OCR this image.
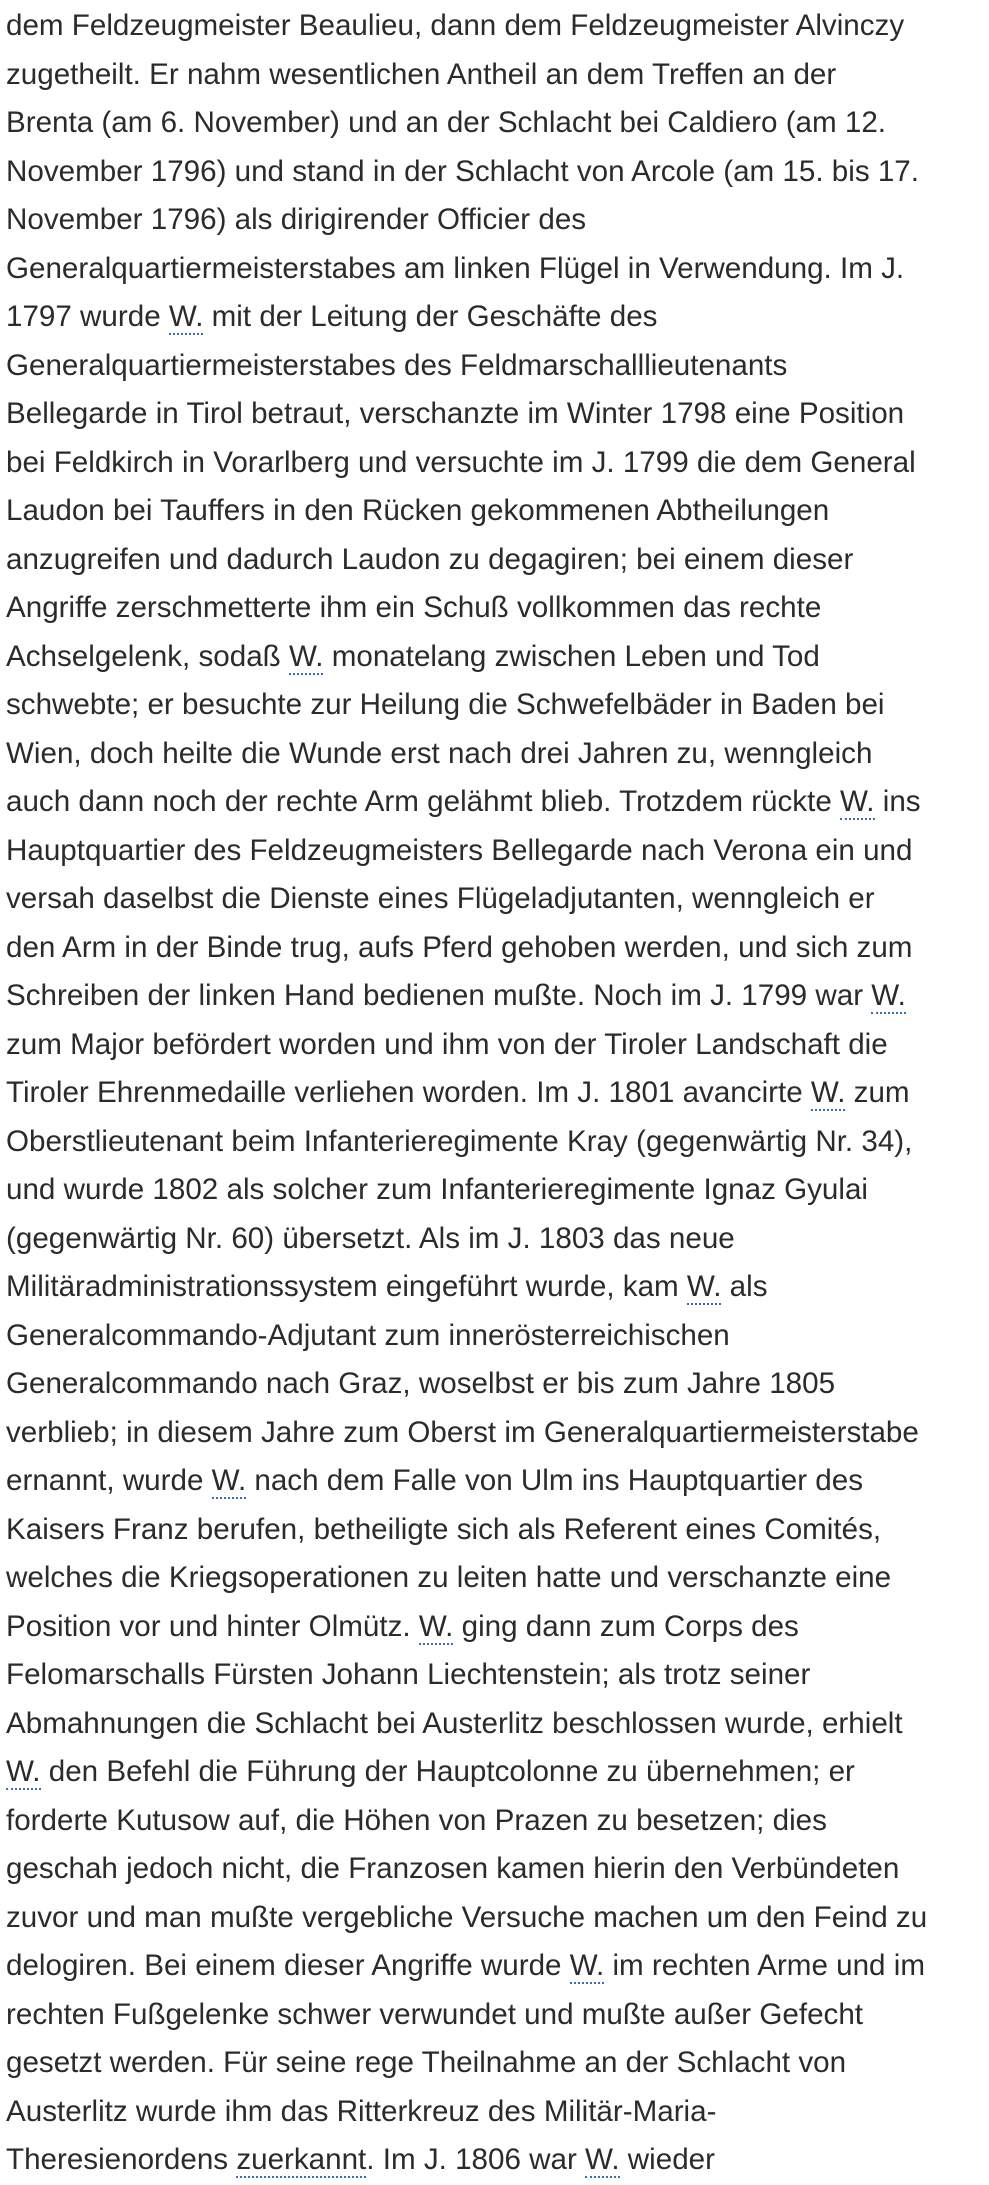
dem Feldzeugmeister Beaulieu, dann dem Feldzeugmeister Alvinczy
zugetheilt. Er nahm wesentlichen Antheil an dem Treffen an der
Brenta (am 6. November) und an der Schlacht bei Caldiero (am 12.
November 1796) und stand in der Schlacht von Arcole (am 15. bis 17.
November 1796) als dirigirender Officier des
Generalquartiermeisterstabes am linken Flügel in Verwendung. Im J.
1797 wurde W. mit der Leitung der Geschäfte des
Generalquartiermeisterstabes des Feldmarschalllieutenants
Bellegarde in Tirol betraut, verschanzte im Winter 1798 eine Position
bei Feldkirch in Vorarlberg und versuchte im J. 1799 die dem General
Laudon bei Tauffers in den Rücken gekommenen Abtheilungen
anzugreifen und dadurch Laudon zu degagiren; bei einem dieser
Angriffe zerschmetterte ihm ein Schuß vollkommen das rechte
Achselgelenk, sodaß W. monatelang zwischen Leben und Tod
schwebte; er besuchte zur Heilung die Schwefelbäder in Baden bei
Wien, doch heilte die Wunde erst nach drei Jahren zu, wenngleich
auch dann noch der rechte Arm gelähmt blieb. Trotzdem rückte W. ins
Hauptquartier des Feldzeugmeisters Bellegarde nach Verona ein und
versah daselbst die Dienste eines Flügeladjutanten, wenngleich er
den Arm in der Binde trug, aufs Pferd gehoben werden, und sich zum
Schreiben der linken Hand bedienen mußte. Noch im J. 1799 war W.
zum Major befördert worden und ihm von der Tiroler Landschaft die
Tiroler Ehrenmedaille verliehen worden. Im J. 1801 avancirte W. zum
Oberstlieutenant beim Infanterieregimente Kray (gegenwärtig Nr. 34),
und wurde 1802 als solcher zum Infanterieregimente Ignaz Gyulai
(gegenwärtig Nr. 60) übersetzt. Als im J. 1803 das neue
Militäradministrationssystem eingeführt wurde, kam W. als
Generalcommando-Adjutant zum innerösterreichischen
Generalcommando nach Graz, woselbst er bis zum Jahre 1805
verblieb; in diesem Jahre zum Oberst im Generalquartiermeisterstabe
ernannt, wurde W. nach dem Falle von Ulm ins Hauptquartier des
Kaisers Franz berufen, betheiligte sich als Referent eines Comités,
welches die Kriegsoperationen zu leiten hatte und verschanzte eine
Position vor und hinter Olmütz. W. ging dann zum Corps des
Felomarschalls Fürsten Johann Liechtenstein; als trotz seiner
Abmahnungen die Schlacht bei Austerlitz beschlossen wurde, erhielt
W. den Befehl die Führung der Hauptcolonne zu übernehmen; er
forderte Kutusow auf, die Höhen von Prazen zu besetzen; dies
geschah jedoch nicht, die Franzosen kamen hierin den Verbündeten
zuvor und man mußte vergebliche Versuche machen um den Feind zu
delogiren. Bei einem dieser Angriffe wurde W. im rechten Arme und im
rechten Fußgelenke schwer verwundet und mußte außer Gefecht
gesetzt werden. Für seine rege Theilnahme an der Schlacht von
Austerlitz wurde ihm das Ritterkreuz des Militär-Maria-
Theresienordens zuerkannt. Im J. 1806 war W. wieder
